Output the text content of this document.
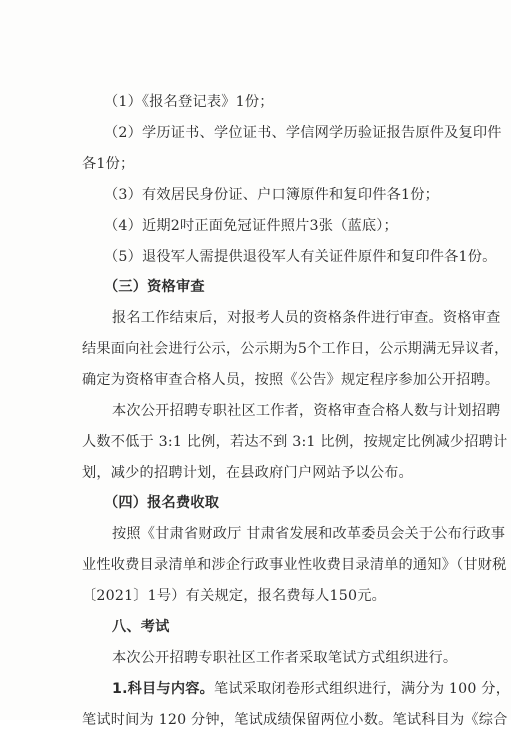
（1）《报名登记表》1份；
（2）学历证书、学位证书、学信网学历验证报告原件及复印件
各1份；
（3）有效居民身份证、户口簿原件和复印件各1份；
（4）近期2吋正面免冠证件照片3张（蓝底）；
（5）退役军人需提供退役军人有关证件原件和复印件各1份。
（三）资格审查
报名工作结束后，对报考人员的资格条件进行审查。资格审查
结果面向社会进行公示，公示期为5个工作日，公示期满无异议者，
确定为资格审查合格人员，按照《公告》规定程序参加公开招聘。
本次公开招聘专职社区工作者，资格审查合格人数与计划招聘
人数不低于 3:1 比例，若达不到 3:1 比例，按规定比例减少招聘计
划，减少的招聘计划，在县政府门户网站予以公布。
（四）报名费收取
按照《甘肃省财政厅 甘肃省发展和改革委员会关于公布行政事
业性收费目录清单和涉企行政事业性收费目录清单的通知》（甘财税
〔2021〕1号）有关规定，报名费每人150元。
八、考试
本次公开招聘专职社区工作者采取笔试方式组织进行。
1.科目与内容。笔试采取闭卷形式组织进行，满分为 100 分，
笔试时间为 120 分钟，笔试成绩保留两位小数。笔试科目为《综合
